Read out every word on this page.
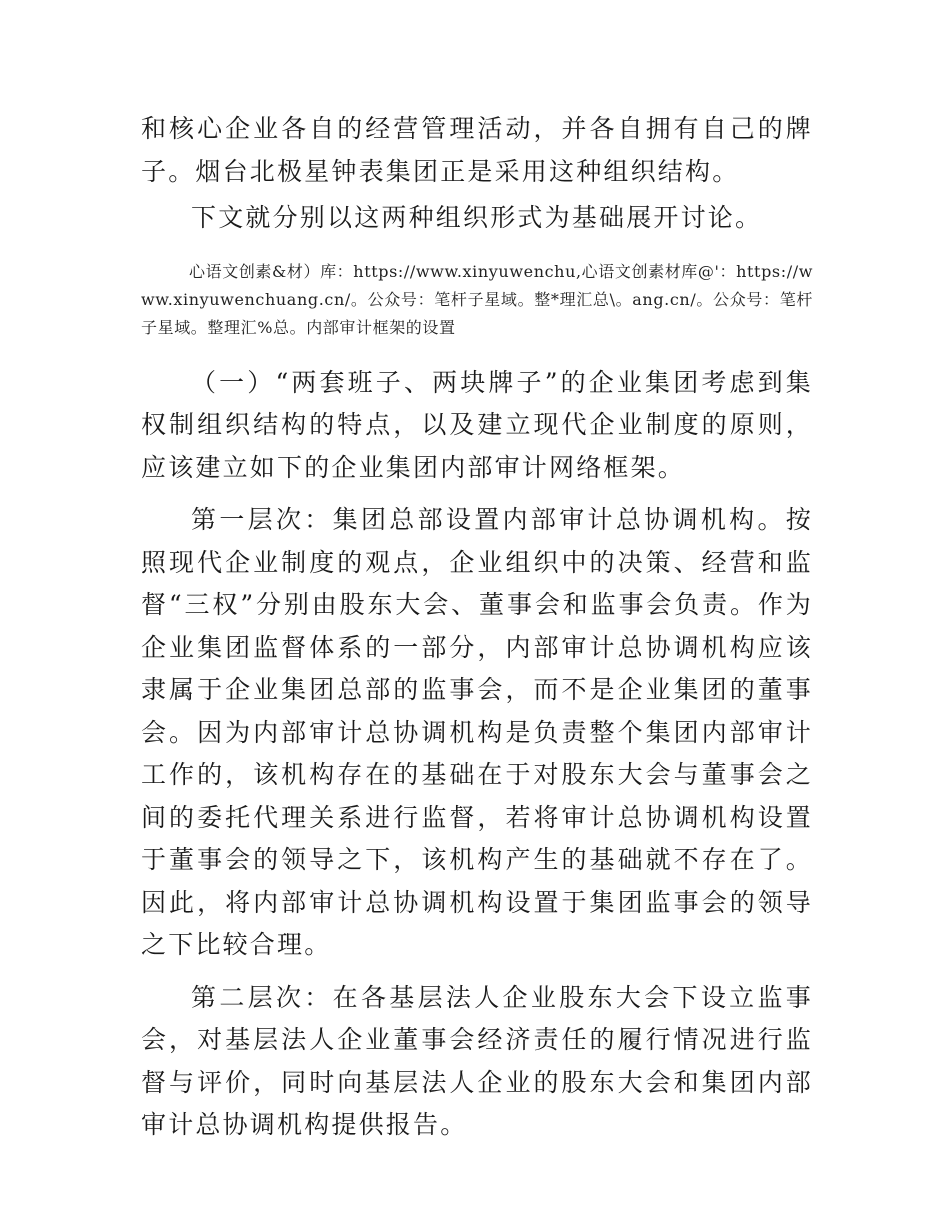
和核心企业各自的经营管理活动，并各自拥有自己的牌子。烟台北极星钟表集团正是采用这种组织结构。

下文就分别以这两种组织形式为基础展开讨论。

心语文创素&材）库：https://www.xinyuwenchu,心语文创素材库@'：https://www.xinyuwenchuang.cn/。公众号：笔杆子星域。整*理汇总\。ang.cn/。公众号：笔杆子星域。整理汇%总。内部审计框架的设置

（一）“两套班子、两块牌子”的企业集团考虑到集权制组织结构的特点，以及建立现代企业制度的原则，应该建立如下的企业集团内部审计网络框架。

第一层次：集团总部设置内部审计总协调机构。按照现代企业制度的观点，企业组织中的决策、经营和监督“三权”分别由股东大会、董事会和监事会负责。作为企业集团监督体系的一部分，内部审计总协调机构应该隶属于企业集团总部的监事会，而不是企业集团的董事会。因为内部审计总协调机构是负责整个集团内部审计工作的，该机构存在的基础在于对股东大会与董事会之间的委托代理关系进行监督，若将审计总协调机构设置于董事会的领导之下，该机构产生的基础就不存在了。因此，将内部审计总协调机构设置于集团监事会的领导之下比较合理。

第二层次：在各基层法人企业股东大会下设立监事会，对基层法人企业董事会经济责任的履行情况进行监督与评价，同时向基层法人企业的股东大会和集团内部审计总协调机构提供报告。
